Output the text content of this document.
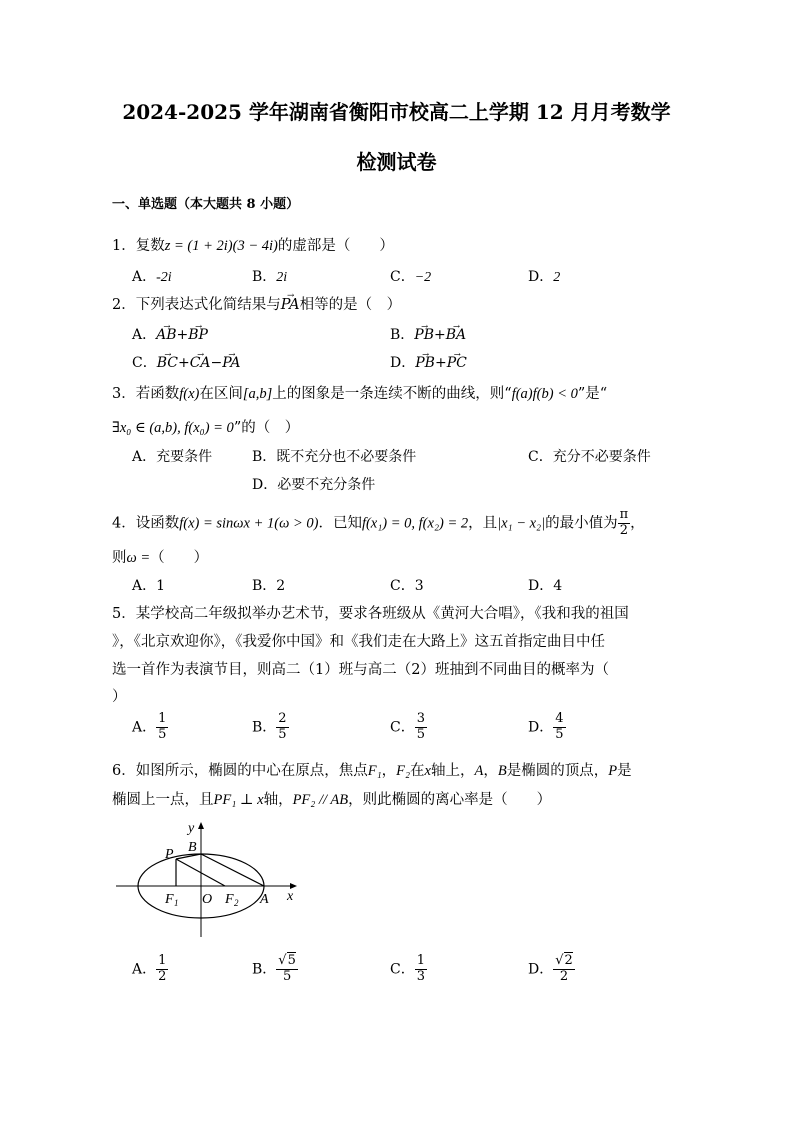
2024-2025 学年湖南省衡阳市校高二上学期 12 月月考数学
检测试卷
一、单选题（本大题共 8 小题）
1．复数z = (1 + 2i)(3 − 4i)的虚部是（　　）
A．-2i	B．2i	C．−2	D．2
2．下列表达式化简结果与→ PA相等的是（　）
A．→ AB+→ BP	B．→ PB+→ BA
C．→ BC+→ CA−→ PA	D．→ PB+→ PC
3．若函数f(x)在区间[a,b]上的图象是一条连续不断的曲线，则“f(a)f(b) < 0”是“
∃x₀ ∈ (a,b), f(x₀) = 0”的（　）
A．充要条件	B．既不充分也不必要条件	C．充分不必要条件
D．必要不充分条件
4．设函数f(x) = sinωx + 1(ω > 0)．已知f(x₁) = 0, f(x₂) = 2，且|x₁ − x₂|的最小值为 $\frac{\pi}{2}$ ，
则ω =（　　）
A．1	B．2	C．3	D．4
5．某学校高二年级拟举办艺术节，要求各班级从《黄河大合唱》，《我和我的祖国
》，《北京欢迎你》，《我爱你中国》和《我们走在大路上》这五首指定曲目中任
选一首作为表演节目，则高二（1）班与高二（2）班抽到不同曲目的概率为（
）
A． $\frac{1}{5}$	B． $\frac{2}{5}$	C． $\frac{3}{5}$	D． $\frac{4}{5}$
6．如图所示，椭圆的中心在原点，焦点F₁，F₂在x轴上，A，B是椭圆的顶点，P是
椭圆上一点，且PF₁ ⊥ x轴，PF₂ // AB，则此椭圆的离心率是（　　）
y
x
P B
F 1 O F 2 A
A． $\frac{1}{2}$	B． $\frac{√5}{5}$	C． $\frac{1}{3}$	D． $\frac{√2}{2}$
